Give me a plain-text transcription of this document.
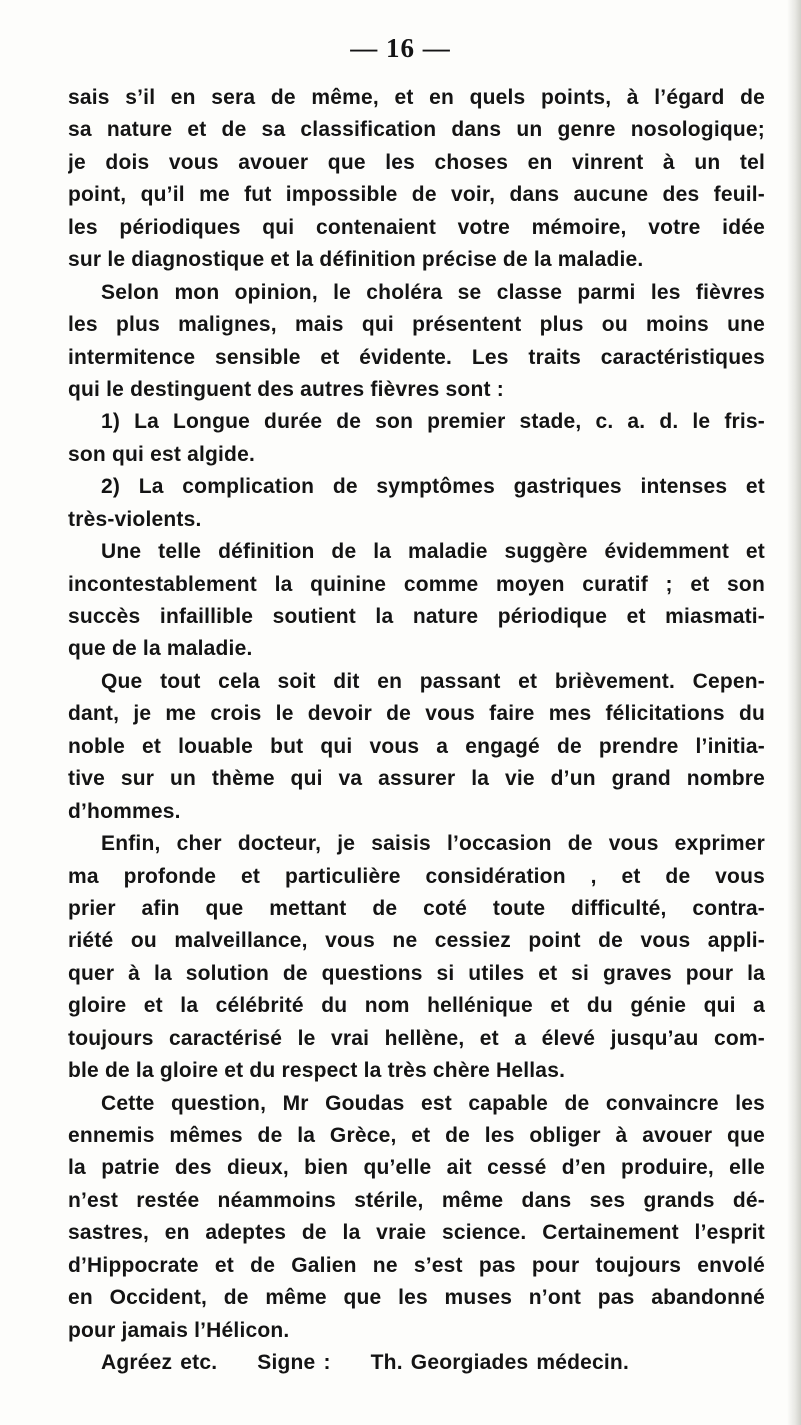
— 16 —
sais s’il en sera de même, et en quels points, à l’égard de
sa nature et de sa classification dans un genre nosologique;
je dois vous avouer que les choses en vinrent à un tel
point, qu’il me fut impossible de voir, dans aucune des feuil-
les périodiques qui contenaient votre mémoire, votre idée
sur le diagnostique et la définition précise de la maladie.
Selon mon opinion, le choléra se classe parmi les fièvres
les plus malignes, mais qui présentent plus ou moins une
intermitence sensible et évidente. Les traits caractéristiques
qui le destinguent des autres fièvres sont :
1) La Longue durée de son premier stade, c. a. d. le fris-
son qui est algide.
2) La complication de symptômes gastriques intenses et
très-violents.
Une telle définition de la maladie suggère évidemment et
incontestablement la quinine comme moyen curatif ; et son
succès infaillible soutient la nature périodique et miasmati-
que de la maladie.
Que tout cela soit dit en passant et brièvement. Cepen-
dant, je me crois le devoir de vous faire mes félicitations du
noble et louable but qui vous a engagé de prendre l’initia-
tive sur un thème qui va assurer la vie d’un grand nombre
d’hommes.
Enfin, cher docteur, je saisis l’occasion de vous exprimer
ma profonde et particulière considération , et de vous
prier afin que mettant de coté toute difficulté, contra-
riété ou malveillance, vous ne cessiez point de vous appli-
quer à la solution de questions si utiles et si graves pour la
gloire et la célébrité du nom hellénique et du génie qui a
toujours caractérisé le vrai hellène, et a élevé jusqu’au com-
ble de la gloire et du respect la très chère Hellas.
Cette question, Mr Goudas est capable de convaincre les
ennemis mêmes de la Grèce, et de les obliger à avouer que
la patrie des dieux, bien qu’elle ait cessé d’en produire, elle
n’est restée néammoins stérile, même dans ses grands dé-
sastres, en adeptes de la vraie science. Certainement l’esprit
d’Hippocrate et de Galien ne s’est pas pour toujours envolé
en Occident, de même que les muses n’ont pas abandonné
pour jamais l’Hélicon.
Agréez etc. Signe : Th. Georgiades médecin.
